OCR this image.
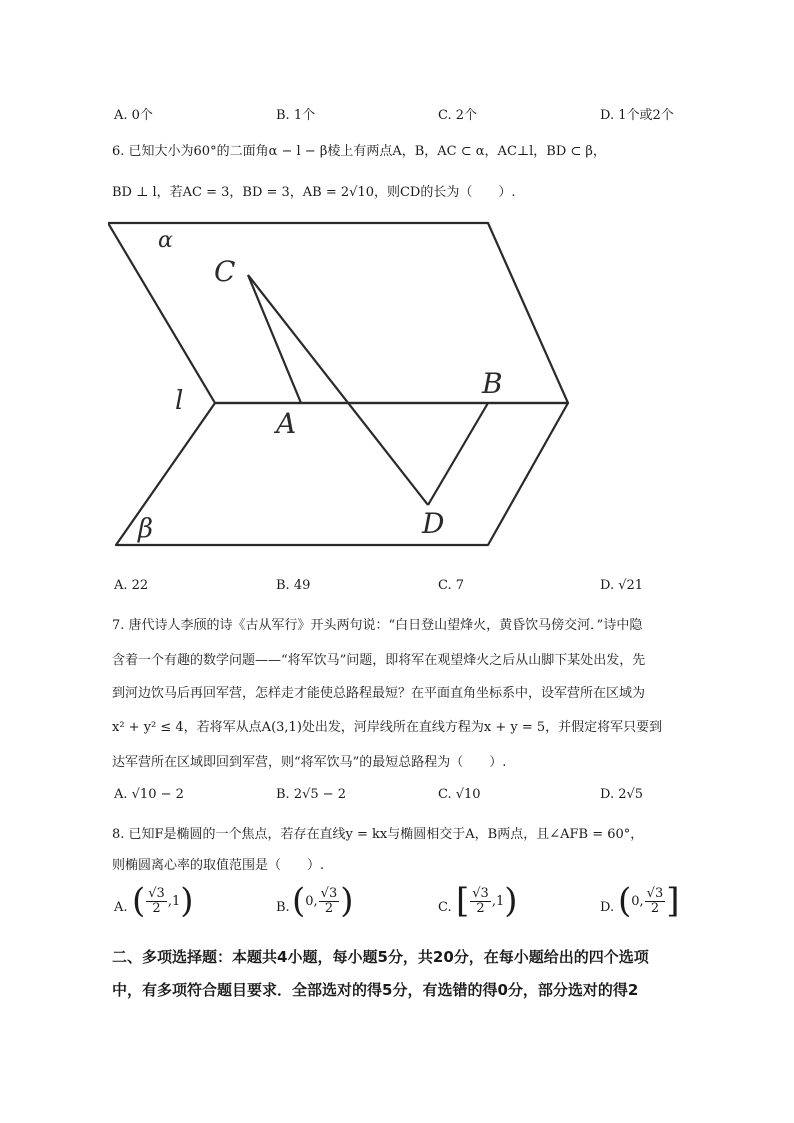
A. 0个	B. 1个	C. 2个	D. 1个或2个
6. 已知大小为60°的二面角α − l − β棱上有两点A，B，AC ⊂ α，AC⊥l，BD ⊂ β，
BD ⊥ l，若AC = 3，BD = 3，AB = 2√10，则CD的长为（　　）.
α
β
l
C
A
B
D
A. 22	B. 49	C. 7	D. √21
7. 唐代诗人李颀的诗《古从军行》开头两句说：“白日登山望烽火，黄昏饮马傍交河．”诗中隐
含着一个有趣的数学问题——“将军饮马”问题，即将军在观望烽火之后从山脚下某处出发，先
到河边饮马后再回军营，怎样走才能使总路程最短？在平面直角坐标系中，设军营所在区域为
x² + y² ≤ 4，若将军从点A(3,1)处出发，河岸线所在直线方程为x + y = 5，并假定将军只要到
达军营所在区域即回到军营，则“将军饮马”的最短总路程为（　　）.
A. √10 − 2	B. 2√5 − 2	C. √10	D. 2√5
8. 已知F是椭圆的一个焦点，若存在直线y = kx与椭圆相交于A，B两点，且∠AFB = 60°，
则椭圆离心率的取值范围是（　　）.
A. ( $\frac{√3}{2} ,1$ )	B. ( 0, $\frac{√3}{2}$ )	C. [ $\frac{√3}{2} ,1$ )	D. ( 0, $\frac{√3}{2}$ ]
二、多项选择题：本题共4小题，每小题5分，共20分，在每小题给出的四个选项
中，有多项符合题目要求．全部选对的得5分，有选错的得0分，部分选对的得2
